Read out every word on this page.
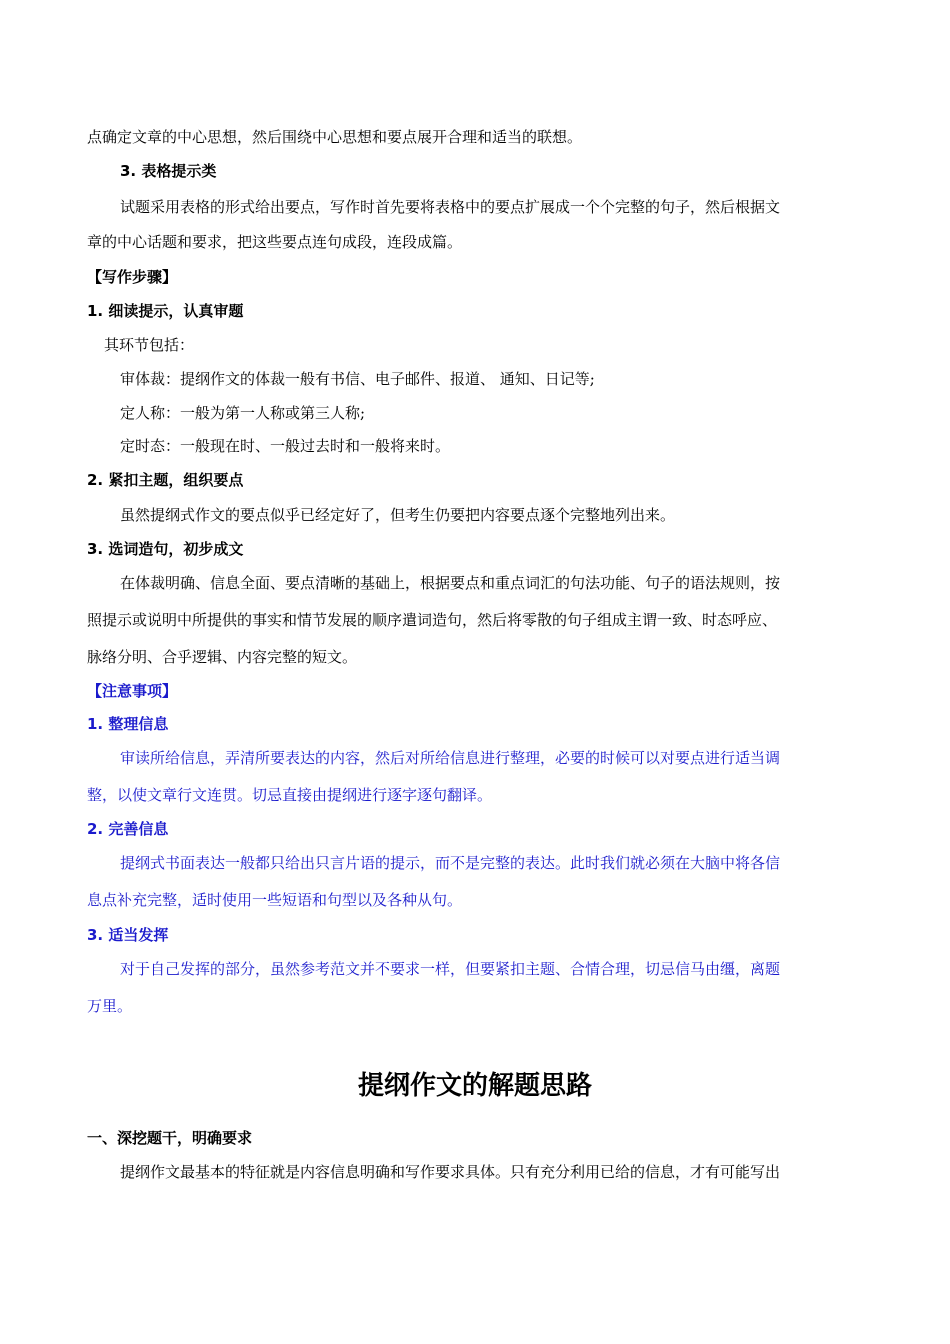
点确定文章的中心思想，然后围绕中心思想和要点展开合理和适当的联想。
3. 表格提示类
试题采用表格的形式给出要点，写作时首先要将表格中的要点扩展成一个个完整的句子，然后根据文
章的中心话题和要求，把这些要点连句成段，连段成篇。
【写作步骤】
1. 细读提示，认真审题
其环节包括：
审体裁：提纲作文的体裁一般有书信、电子邮件、报道、 通知、日记等;
定人称：一般为第一人称或第三人称;
定时态：一般现在时、一般过去时和一般将来时。
2. 紧扣主题，组织要点
虽然提纲式作文的要点似乎已经定好了，但考生仍要把内容要点逐个完整地列出来。
3. 选词造句，初步成文
在体裁明确、信息全面、要点清晰的基础上，根据要点和重点词汇的句法功能、句子的语法规则，按
照提示或说明中所提供的事实和情节发展的顺序遣词造句，然后将零散的句子组成主谓一致、时态呼应、
脉络分明、合乎逻辑、内容完整的短文。
【注意事项】
1. 整理信息
审读所给信息，弄清所要表达的内容，然后对所给信息进行整理，必要的时候可以对要点进行适当调
整，以使文章行文连贯。切忌直接由提纲进行逐字逐句翻译。
2. 完善信息
提纲式书面表达一般都只给出只言片语的提示，而不是完整的表达。此时我们就必须在大脑中将各信
息点补充完整，适时使用一些短语和句型以及各种从句。
3. 适当发挥
对于自己发挥的部分，虽然参考范文并不要求一样，但要紧扣主题、合情合理，切忌信马由缰，离题
万里。
提纲作文的解题思路
一、深挖题干，明确要求
提纲作文最基本的特征就是内容信息明确和写作要求具体。只有充分利用已给的信息，才有可能写出
